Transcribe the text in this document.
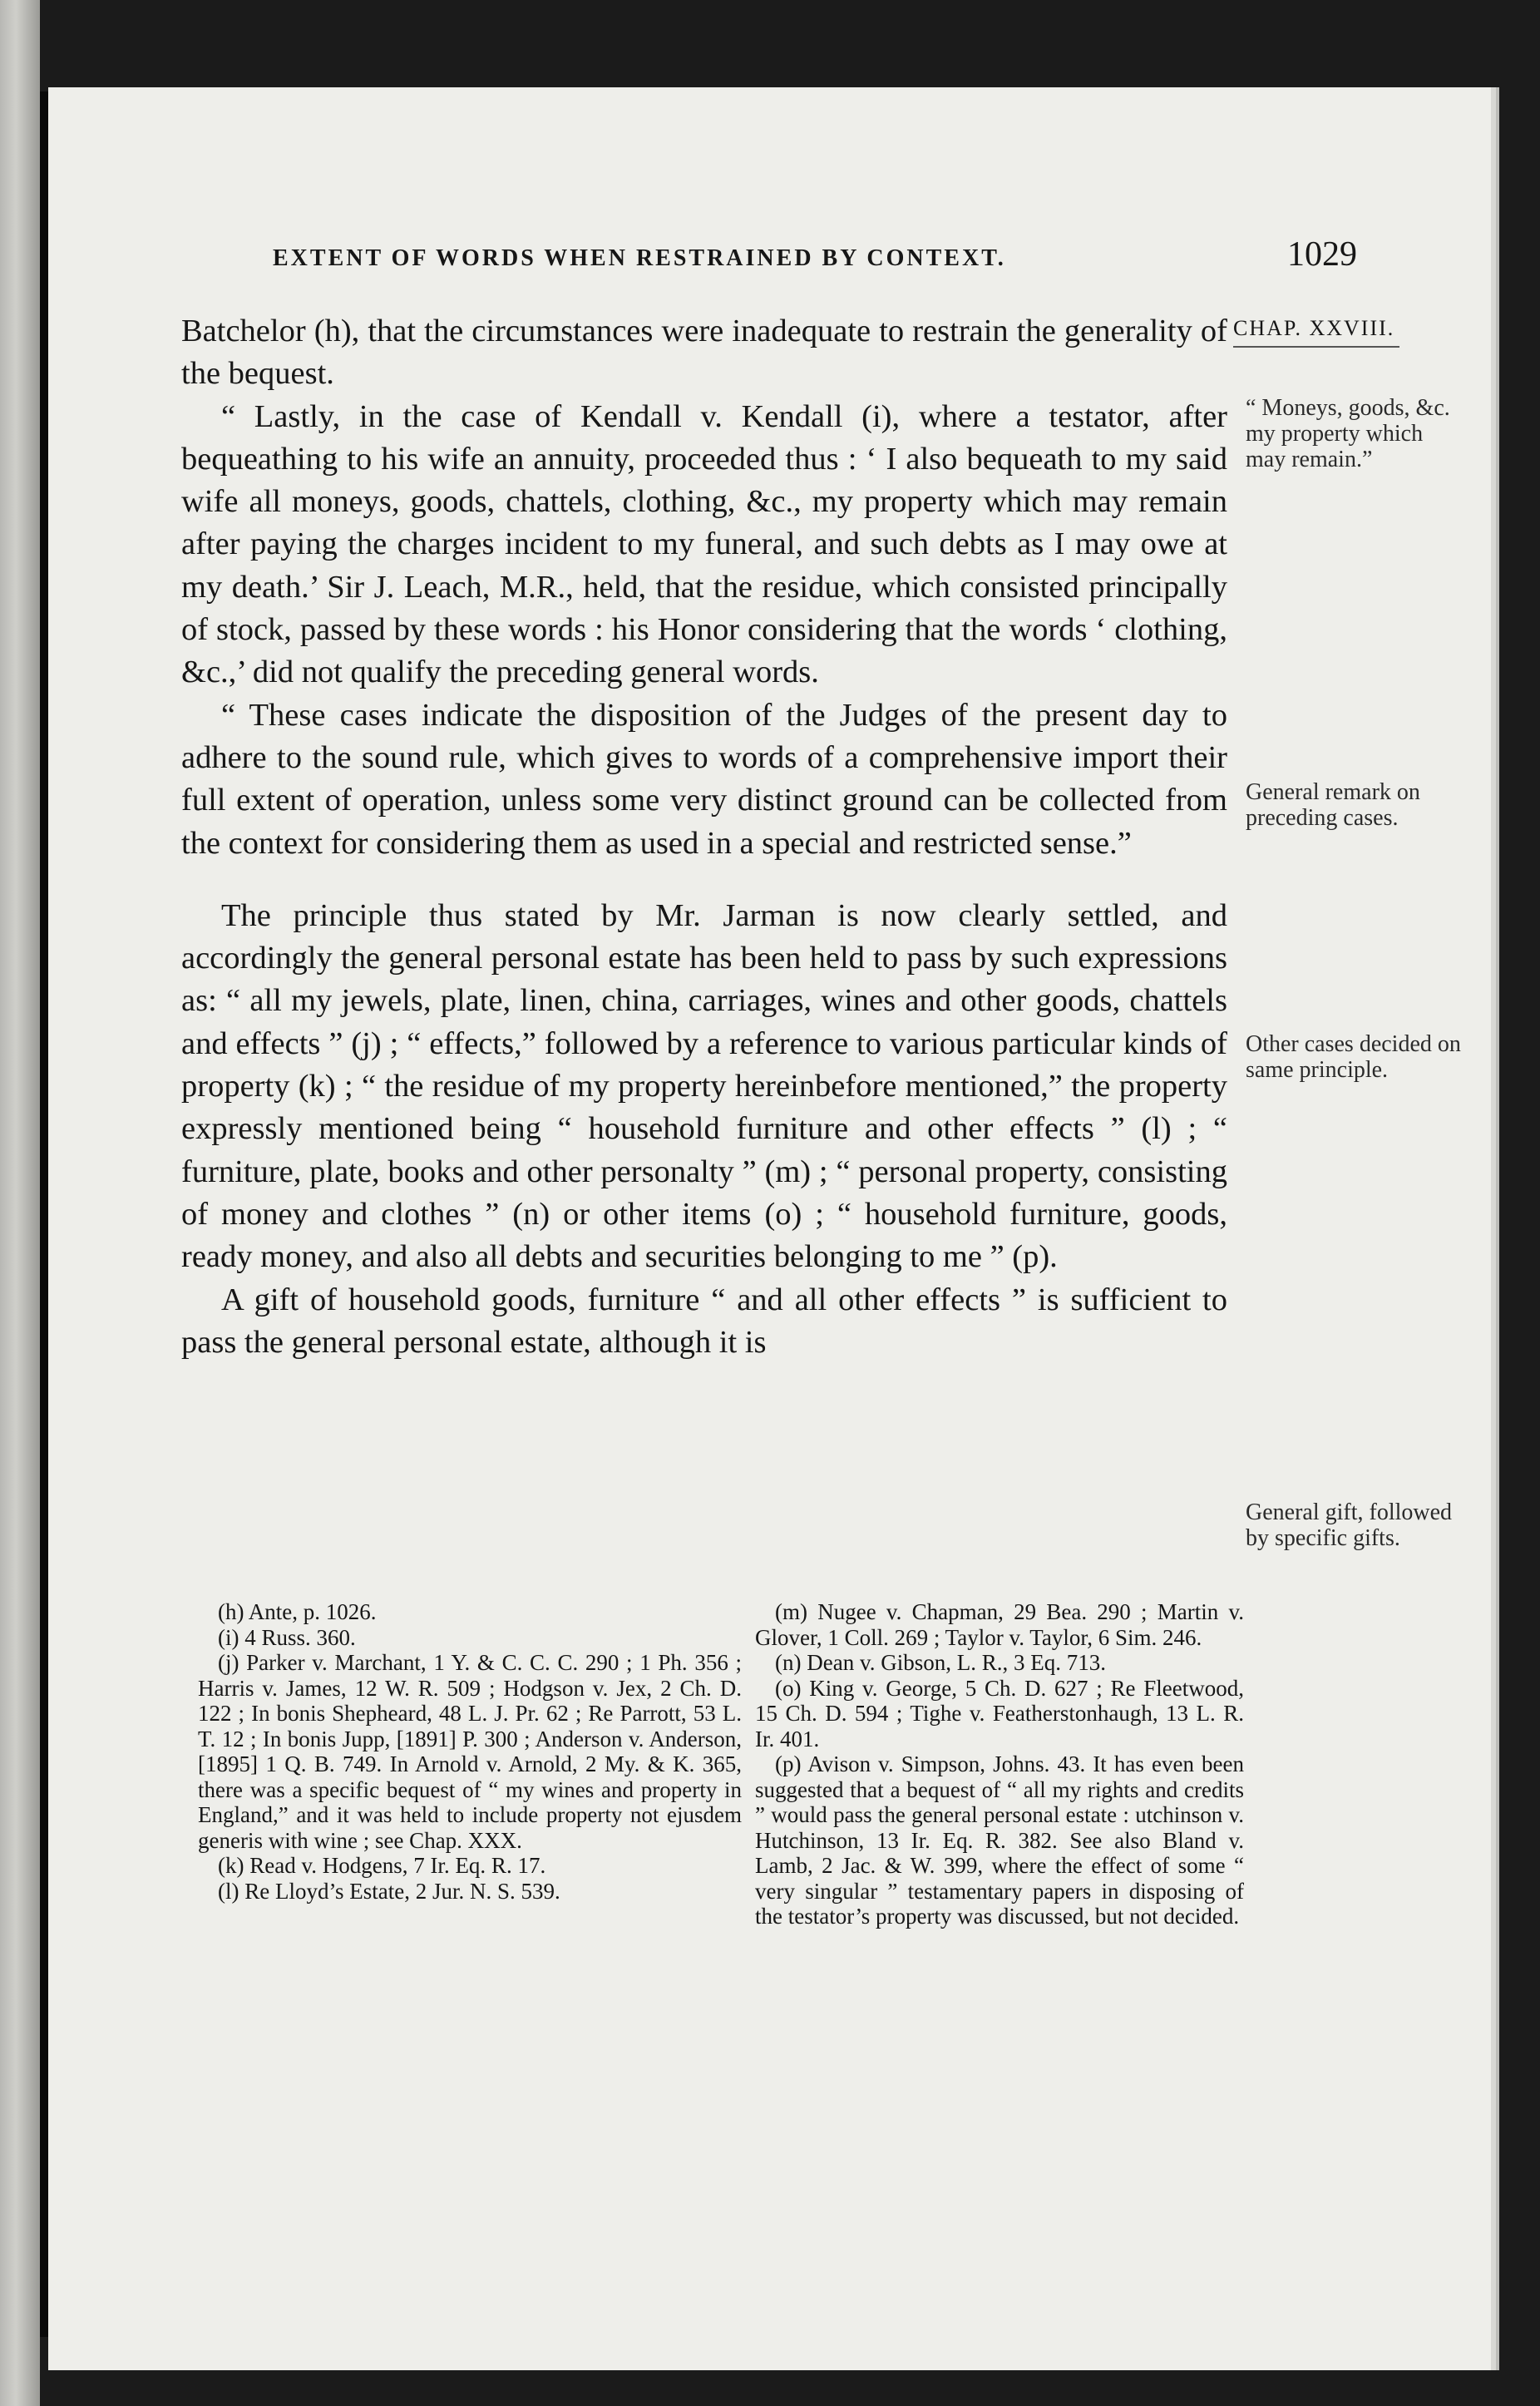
EXTENT OF WORDS WHEN RESTRAINED BY CONTEXT.	1029
CHAP. XXVIII.

Batchelor (h), that the circumstances were inadequate to restrain the generality of the bequest.

“ Lastly, in the case of Kendall v. Kendall (i), where a testator, after bequeathing to his wife an annuity, proceeded thus : ‘ I also bequeath to my said wife all moneys, goods, chattels, clothing, &c., my property which may remain after paying the charges incident to my funeral, and such debts as I may owe at my death.’ Sir J. Leach, M.R., held, that the residue, which consisted principally of stock, passed by these words : his Honor considering that the words ‘ clothing, &c.,’ did not qualify the preceding general words.

“ These cases indicate the disposition of the Judges of the present day to adhere to the sound rule, which gives to words of a comprehensive import their full extent of operation, unless some very distinct ground can be collected from the context for considering them as used in a special and restricted sense.”

The principle thus stated by Mr. Jarman is now clearly settled, and accordingly the general personal estate has been held to pass by such expressions as: “ all my jewels, plate, linen, china, carriages, wines and other goods, chattels and effects ” (j) ; “ effects,” followed by a reference to various particular kinds of property (k) ; “ the residue of my property hereinbefore mentioned,” the property expressly mentioned being “ household furniture and other effects ” (l) ; “ furniture, plate, books and other personalty ” (m) ; “ personal property, consisting of money and clothes ” (n) or other items (o) ; “ household furniture, goods, ready money, and also all debts and securities belonging to me ” (p).

A gift of household goods, furniture “ and all other effects ” is sufficient to pass the general personal estate, although it is

“ Moneys, goods, &c. my property which may remain.”
General remark on preceding cases.
Other cases decided on same principle.
General gift, followed by specific gifts.

(h) Ante, p. 1026.

(i) 4 Russ. 360.

(j) Parker v. Marchant, 1 Y. & C. C. C. 290 ; 1 Ph. 356 ; Harris v. James, 12 W. R. 509 ; Hodgson v. Jex, 2 Ch. D. 122 ; In bonis Shepheard, 48 L. J. Pr. 62 ; Re Parrott, 53 L. T. 12 ; In bonis Jupp, [1891] P. 300 ; Anderson v. Anderson, [1895] 1 Q. B. 749. In Arnold v. Arnold, 2 My. & K. 365, there was a specific bequest of “ my wines and property in England,” and it was held to include property not ejusdem generis with wine ; see Chap. XXX.

(k) Read v. Hodgens, 7 Ir. Eq. R. 17.

(l) Re Lloyd’s Estate, 2 Jur. N. S. 539.

(m) Nugee v. Chapman, 29 Bea. 290 ; Martin v. Glover, 1 Coll. 269 ; Taylor v. Taylor, 6 Sim. 246.

(n) Dean v. Gibson, L. R., 3 Eq. 713.

(o) King v. George, 5 Ch. D. 627 ; Re Fleetwood, 15 Ch. D. 594 ; Tighe v. Featherstonhaugh, 13 L. R. Ir. 401.

(p) Avison v. Simpson, Johns. 43. It has even been suggested that a bequest of “ all my rights and credits ” would pass the general personal estate : utchinson v. Hutchinson, 13 Ir. Eq. R. 382. See also Bland v. Lamb, 2 Jac. & W. 399, where the effect of some “ very singular ” testamentary papers in disposing of the testator’s property was discussed, but not decided.
